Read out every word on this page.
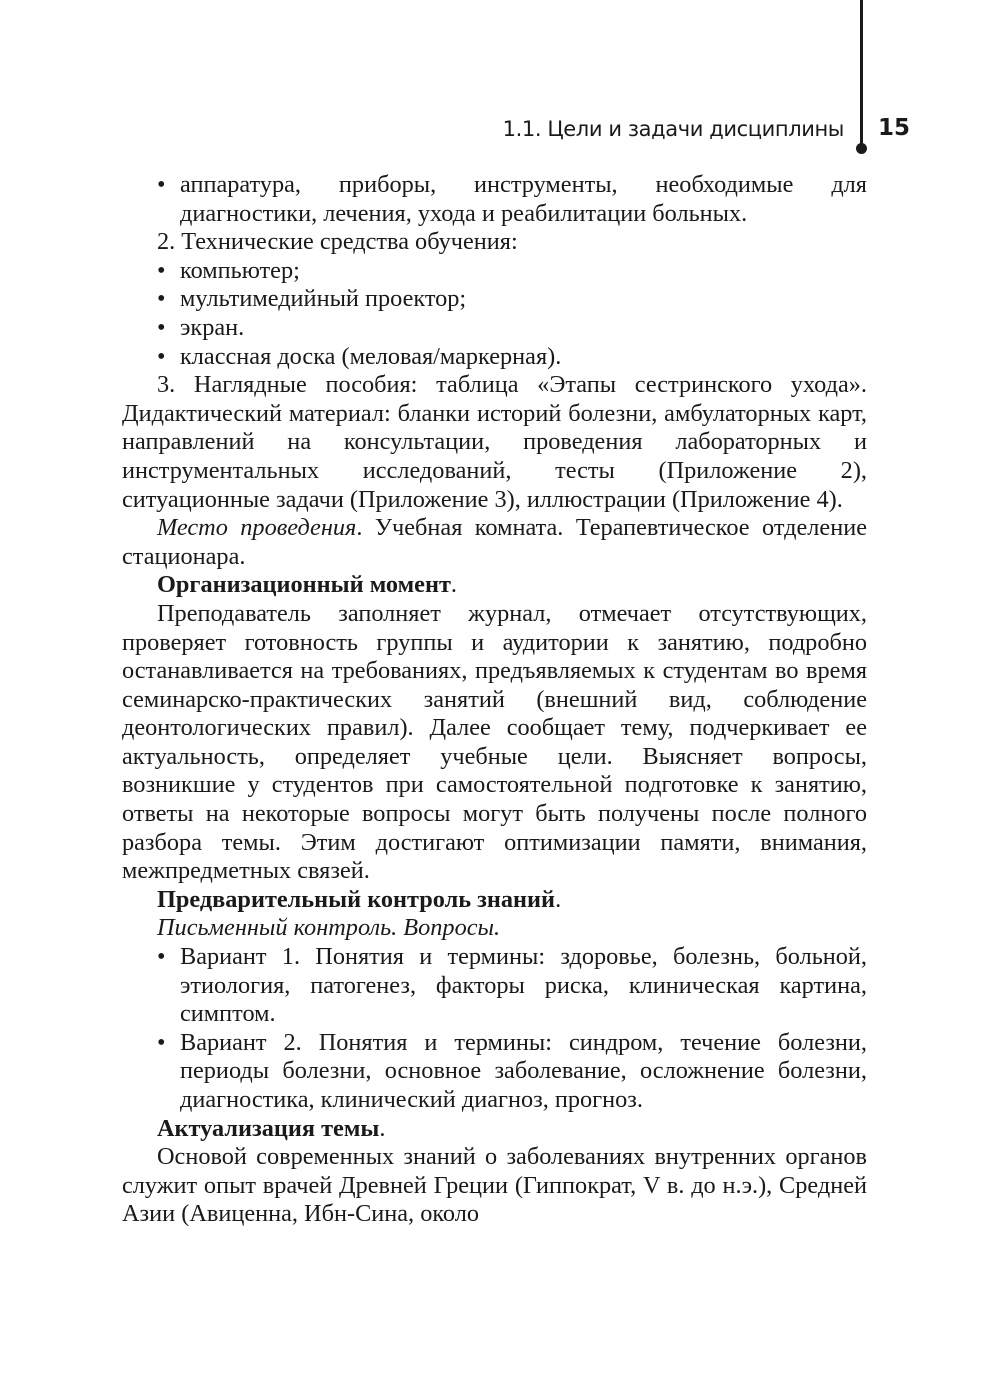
1.1. Цели и задачи дисциплины 15
• аппаратура, приборы, инструменты, необходимые для диагностики, лечения, ухода и реабилитации больных.

2. Технические средства обучения:

• компьютер;
• мультимедийный проектор;
• экран.
• классная доска (меловая/маркерная).

3. Наглядные пособия: таблица «Этапы сестринского ухода». Дидактический материал: бланки историй болезни, амбулаторных карт, направлений на консультации, проведения лабораторных и инструментальных исследований, тесты (Приложение 2), ситуационные задачи (Приложение 3), иллюстрации (Приложение 4).

Место проведения. Учебная комната. Терапевтическое отделение стационара.

Организационный момент.

Преподаватель заполняет журнал, отмечает отсутствующих, проверяет готовность группы и аудитории к занятию, подробно останавливается на требованиях, предъявляемых к студентам во время семинарско-практических занятий (внешний вид, соблюдение деонтологических правил). Далее сообщает тему, подчеркивает ее актуальность, определяет учебные цели. Выясняет вопросы, возникшие у студентов при самостоятельной подготовке к занятию, ответы на некоторые вопросы могут быть получены после полного разбора темы. Этим достигают оптимизации памяти, внимания, межпредметных связей.

Предварительный контроль знаний.

Письменный контроль. Вопросы.

• Вариант 1. Понятия и термины: здоровье, болезнь, больной, этиология, патогенез, факторы риска, клиническая картина, симптом.
• Вариант 2. Понятия и термины: синдром, течение болезни, периоды болезни, основное заболевание, осложнение болезни, диагностика, клинический диагноз, прогноз.

Актуализация темы.

Основой современных знаний о заболеваниях внутренних органов служит опыт врачей Древней Греции (Гиппократ, V в. до н.э.), Средней Азии (Авиценна, Ибн-Сина, около
